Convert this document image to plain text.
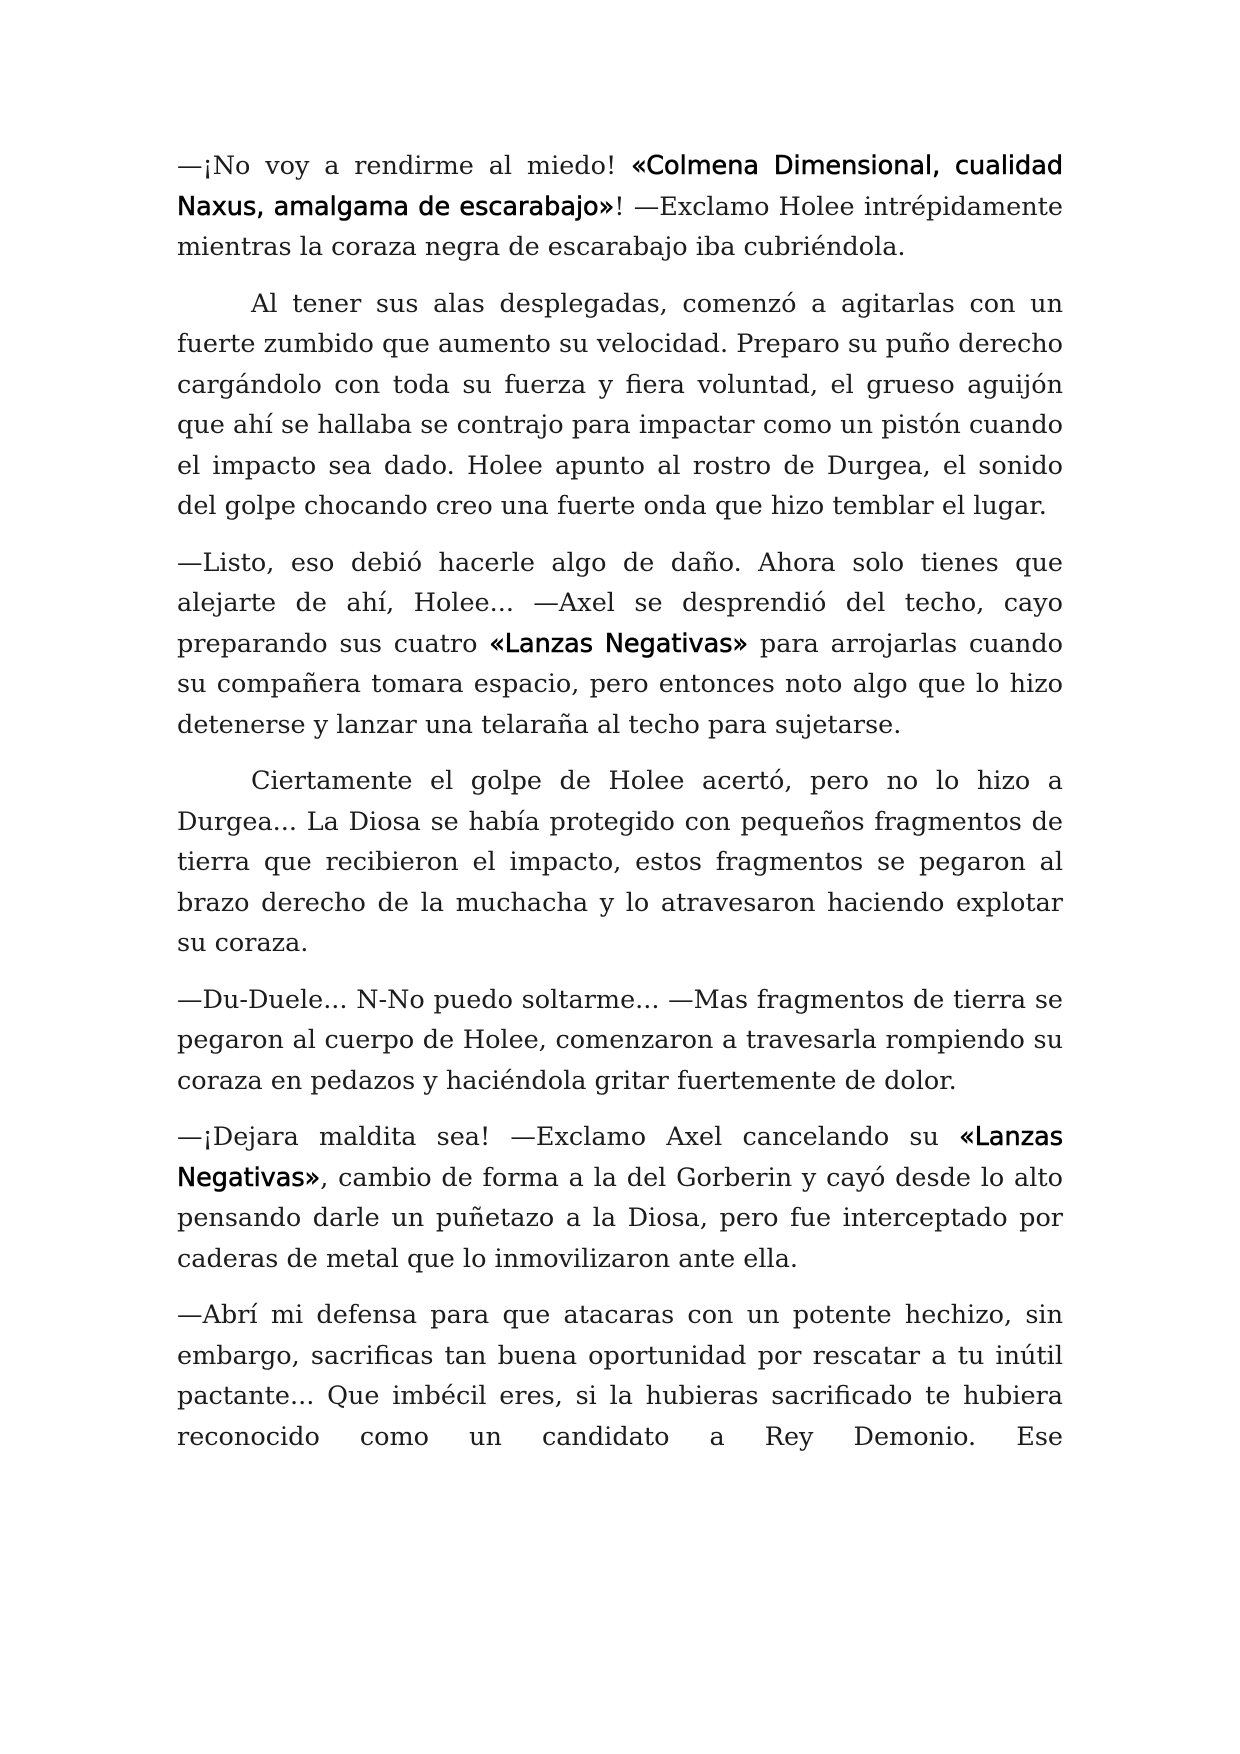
—¡No voy a rendirme al miedo! «Colmena Dimensional, cualidad Naxus, amalgama de escarabajo»! —Exclamo Holee intrépidamente mientras la coraza negra de escarabajo iba cubriéndola.

Al tener sus alas desplegadas, comenzó a agitarlas con un fuerte zumbido que aumento su velocidad. Preparo su puño derecho cargándolo con toda su fuerza y fiera voluntad, el grueso aguijón que ahí se hallaba se contrajo para impactar como un pistón cuando el impacto sea dado. Holee apunto al rostro de Durgea, el sonido del golpe chocando creo una fuerte onda que hizo temblar el lugar.

—Listo, eso debió hacerle algo de daño. Ahora solo tienes que alejarte de ahí, Holee... —Axel se desprendió del techo, cayo preparando sus cuatro «Lanzas Negativas» para arrojarlas cuando su compañera tomara espacio, pero entonces noto algo que lo hizo detenerse y lanzar una telaraña al techo para sujetarse.

Ciertamente el golpe de Holee acertó, pero no lo hizo a Durgea... La Diosa se había protegido con pequeños fragmentos de tierra que recibieron el impacto, estos fragmentos se pegaron al brazo derecho de la muchacha y lo atravesaron haciendo explotar su coraza.

—Du-Duele... N-No puedo soltarme... —Mas fragmentos de tierra se pegaron al cuerpo de Holee, comenzaron a travesarla rompiendo su coraza en pedazos y haciéndola gritar fuertemente de dolor.

—¡Dejara maldita sea! —Exclamo Axel cancelando su «Lanzas Negativas», cambio de forma a la del Gorberin y cayó desde lo alto pensando darle un puñetazo a la Diosa, pero fue interceptado por caderas de metal que lo inmovilizaron ante ella.

—Abrí mi defensa para que atacaras con un potente hechizo, sin embargo, sacrificas tan buena oportunidad por rescatar a tu inútil pactante... Que imbécil eres, si la hubieras sacrificado te hubiera reconocido como un candidato a Rey Demonio. Ese
